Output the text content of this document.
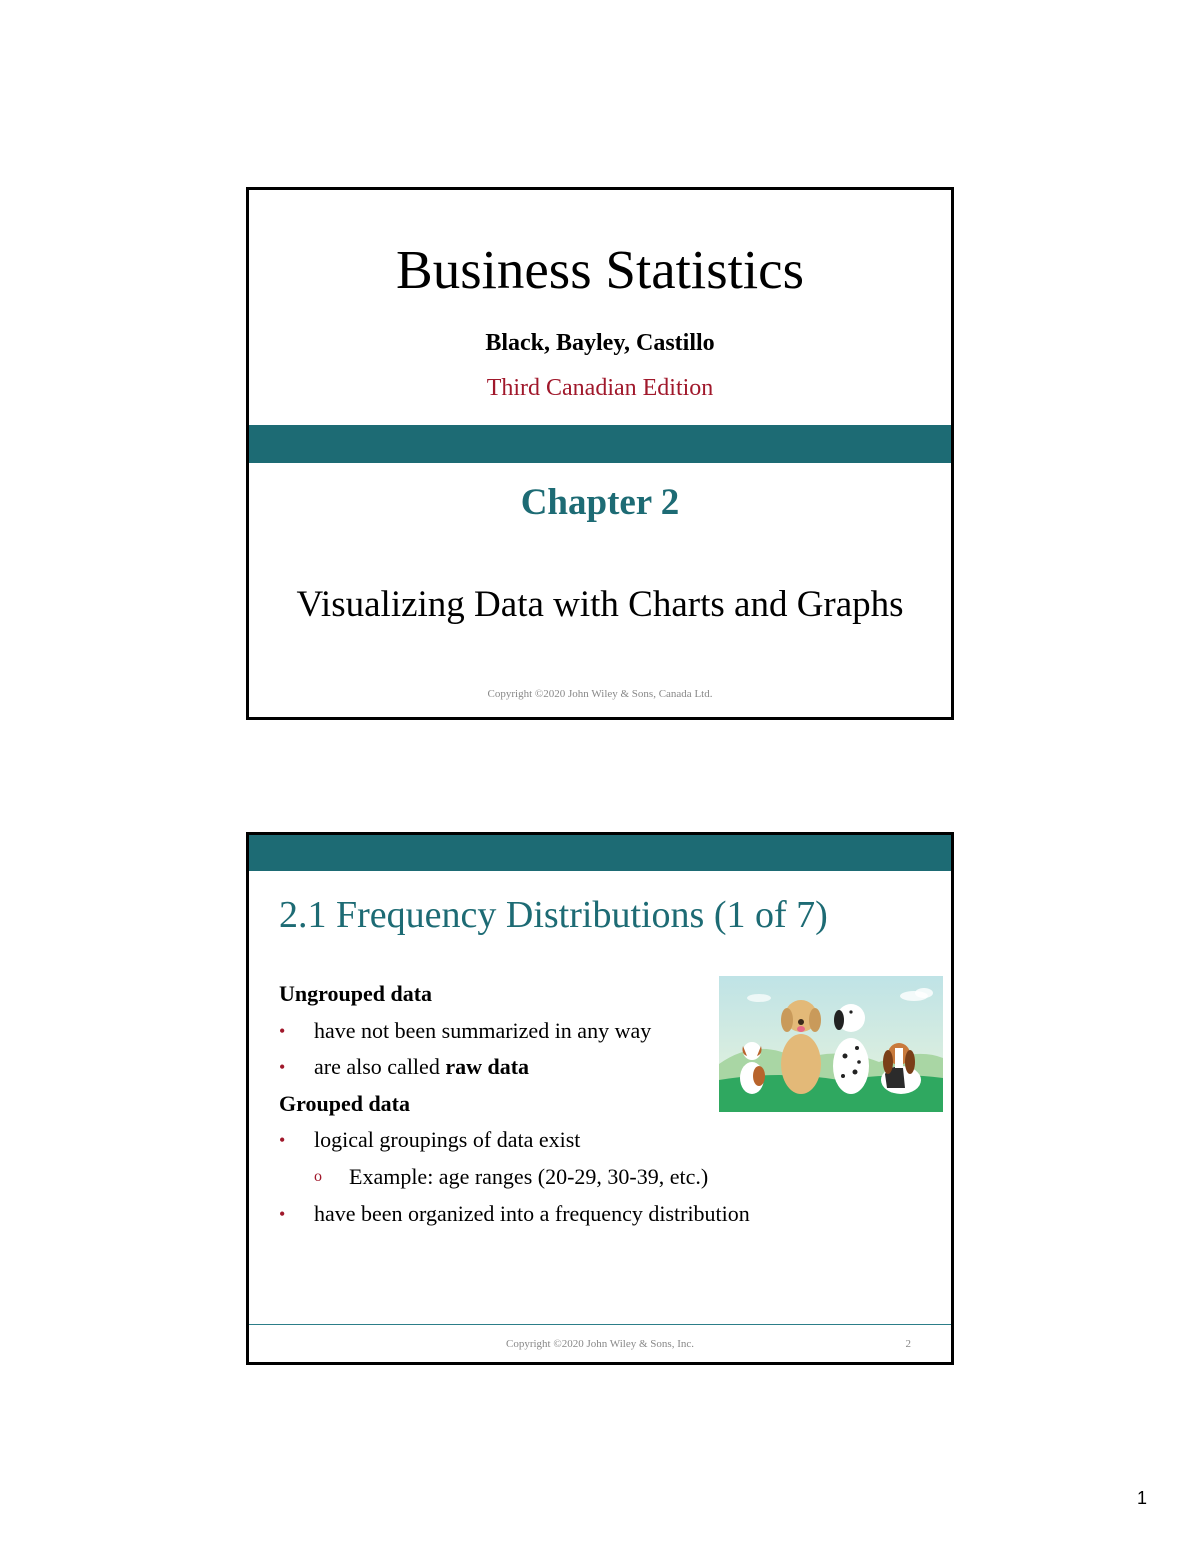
Business Statistics
Black, Bayley, Castillo
Third Canadian Edition
Chapter 2
Visualizing Data with Charts and Graphs
Copyright ©2020 John Wiley & Sons, Canada Ltd.
2.1 Frequency Distributions (1 of 7)
Ungrouped data
• have not been summarized in any way
• are also called raw data
Grouped data
• logical groupings of data exist
o Example: age ranges (20-29, 30-39, etc.)
• have been organized into a frequency distribution
Copyright ©2020 John Wiley & Sons, Inc.	2
1
